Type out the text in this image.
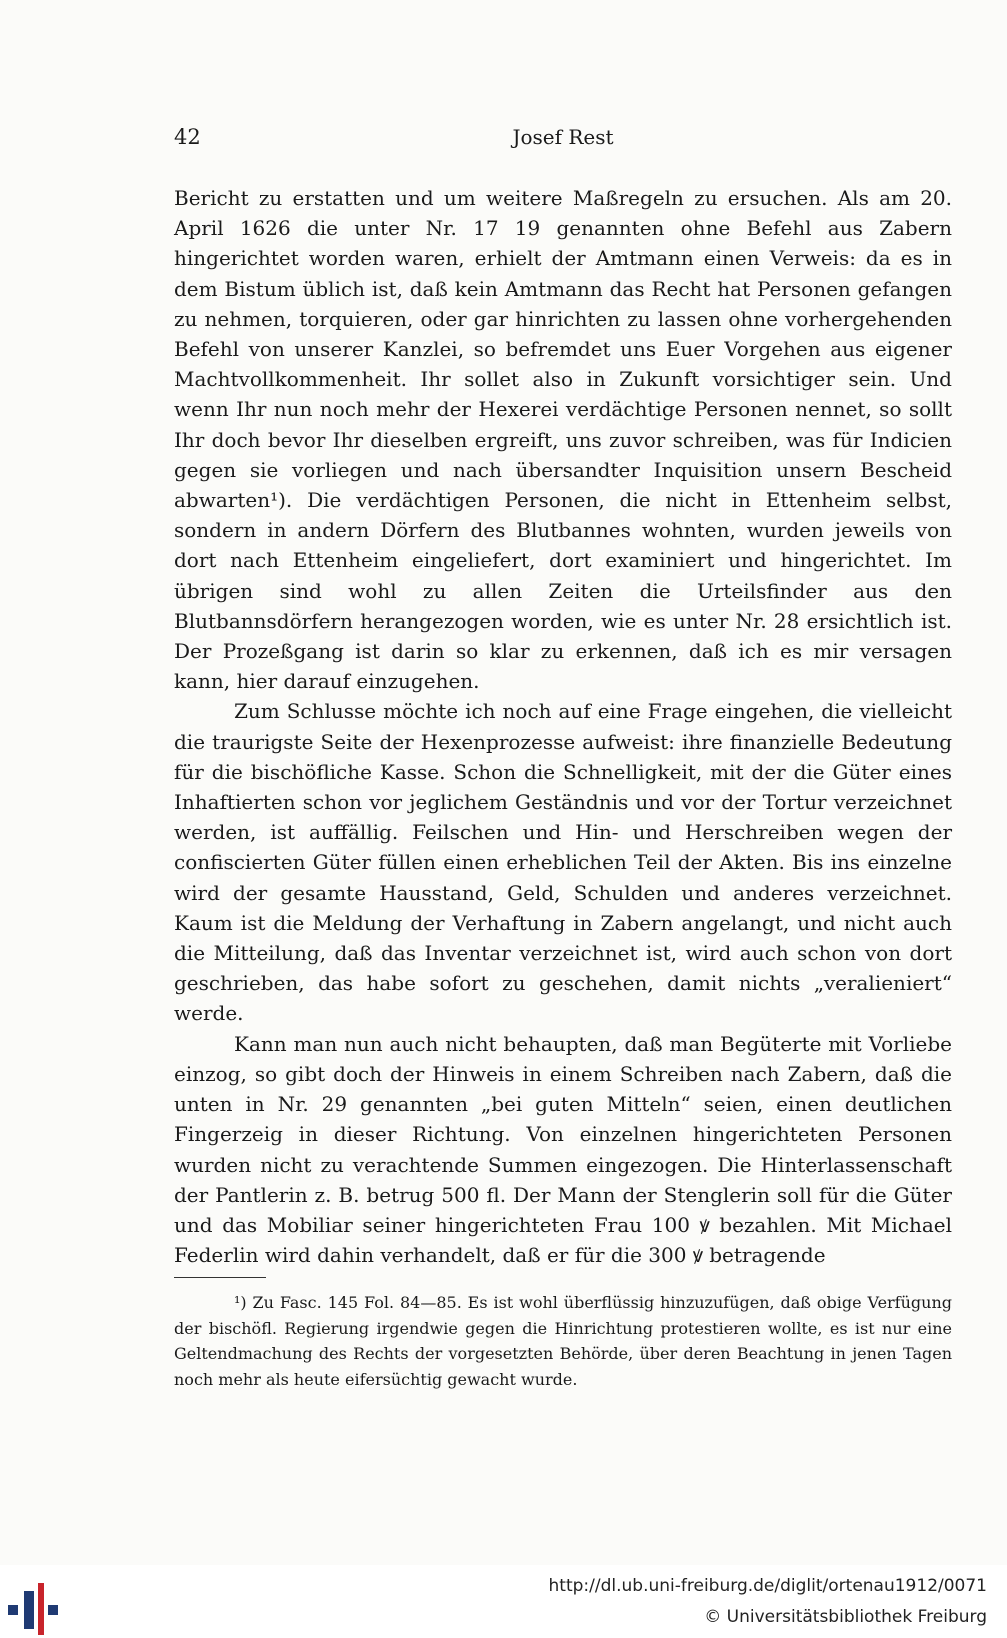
42	Josef Rest

Bericht zu erstatten und um weitere Maßregeln zu ersuchen. Als am 20. April 1626 die unter Nr. 17 19 genannten ohne Befehl aus Zabern hingerichtet worden waren, erhielt der Amtmann einen Verweis: da es in dem Bistum üblich ist, daß kein Amtmann das Recht hat Personen gefangen zu nehmen, torquieren, oder gar hinrichten zu lassen ohne vorhergehenden Befehl von unserer Kanzlei, so befremdet uns Euer Vorgehen aus eigener Machtvollkommenheit. Ihr sollet also in Zukunft vorsichtiger sein. Und wenn Ihr nun noch mehr der Hexerei verdächtige Personen nennet, so sollt Ihr doch bevor Ihr dieselben ergreift, uns zuvor schreiben, was für Indicien gegen sie vorliegen und nach übersandter Inquisition unsern Bescheid abwarten¹). Die verdächtigen Personen, die nicht in Ettenheim selbst, sondern in andern Dörfern des Blutbannes wohnten, wurden jeweils von dort nach Ettenheim eingeliefert, dort examiniert und hingerichtet. Im übrigen sind wohl zu allen Zeiten die Urteilsfinder aus den Blutbannsdörfern herangezogen worden, wie es unter Nr. 28 ersichtlich ist. Der Prozeßgang ist darin so klar zu erkennen, daß ich es mir versagen kann, hier darauf einzugehen.

Zum Schlusse möchte ich noch auf eine Frage eingehen, die vielleicht die traurigste Seite der Hexenprozesse aufweist: ihre finanzielle Bedeutung für die bischöfliche Kasse. Schon die Schnelligkeit, mit der die Güter eines Inhaftierten schon vor jeglichem Geständnis und vor der Tortur verzeichnet werden, ist auffällig. Feilschen und Hin- und Herschreiben wegen der confiscierten Güter füllen einen erheblichen Teil der Akten. Bis ins einzelne wird der gesamte Hausstand, Geld, Schulden und anderes verzeichnet. Kaum ist die Meldung der Verhaftung in Zabern angelangt, und nicht auch die Mitteilung, daß das Inventar verzeichnet ist, wird auch schon von dort geschrieben, das habe sofort zu geschehen, damit nichts „veralieniert“ werde.

Kann man nun auch nicht behaupten, daß man Begüterte mit Vorliebe einzog, so gibt doch der Hinweis in einem Schreiben nach Zabern, daß die unten in Nr. 29 genannten „bei guten Mitteln“ seien, einen deutlichen Fingerzeig in dieser Richtung. Von einzelnen hingerichteten Personen wurden nicht zu verachtende Summen eingezogen. Die Hinterlassenschaft der Pantlerin z. B. betrug 500 fl. Der Mann der Stenglerin soll für die Güter und das Mobiliar seiner hingerichteten Frau 100 ꝟ bezahlen. Mit Michael Federlin wird dahin verhandelt, daß er für die 300 ꝟ betragende

¹) Zu Fasc. 145 Fol. 84—85. Es ist wohl überflüssig hinzuzufügen, daß obige Verfügung der bischöfl. Regierung irgendwie gegen die Hinrichtung protestieren wollte, es ist nur eine Geltendmachung des Rechts der vorgesetzten Behörde, über deren Beachtung in jenen Tagen noch mehr als heute eifersüchtig gewacht wurde.
http://dl.ub.uni-freiburg.de/diglit/ortenau1912/0071
© Universitätsbibliothek Freiburg
